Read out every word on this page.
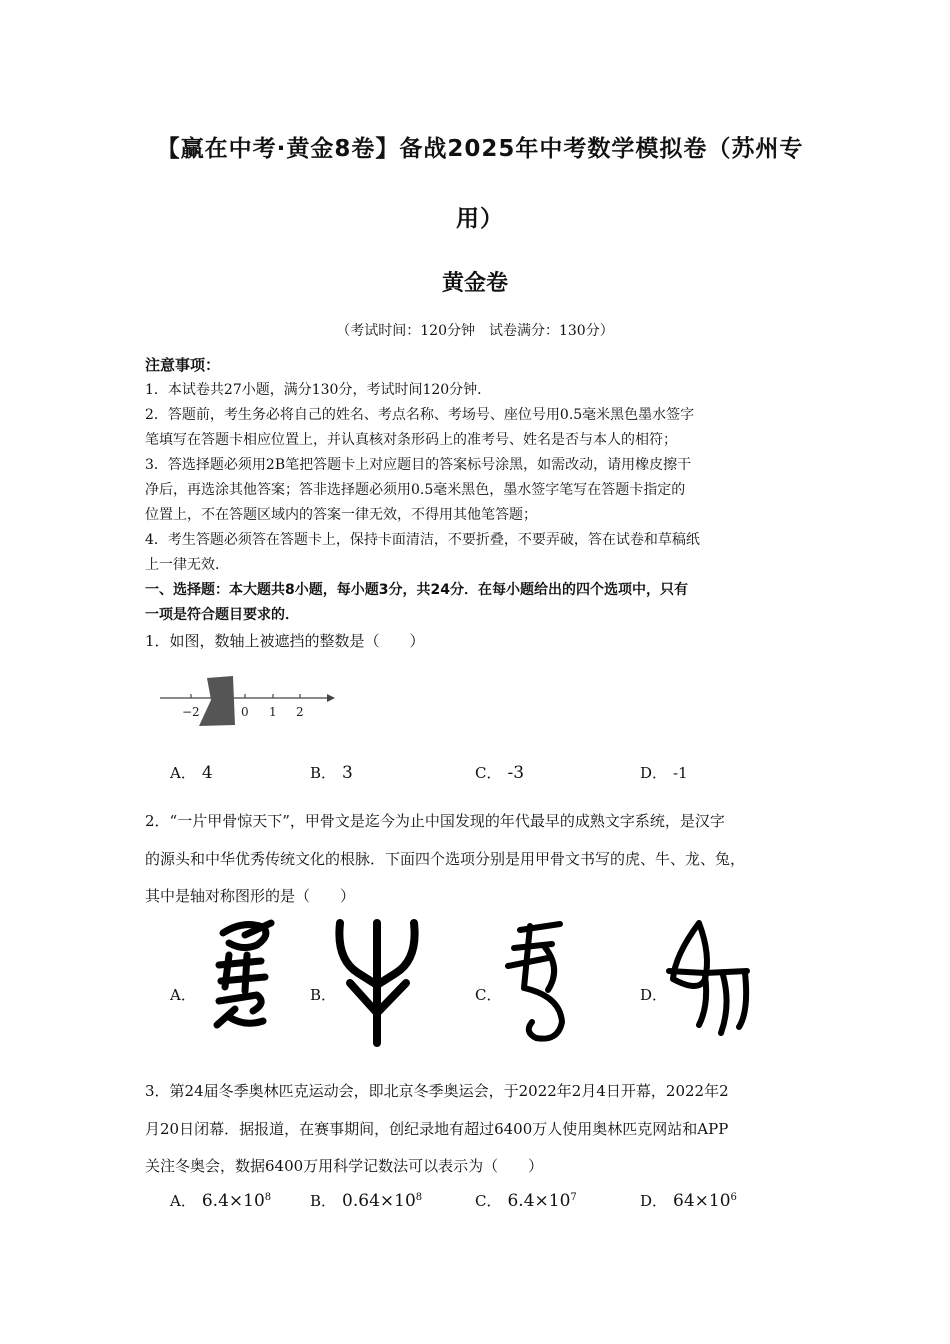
【赢在中考·黄金8卷】备战2025年中考数学模拟卷（苏州专
用）
黄金卷
（考试时间：120分钟　试卷满分：130分）
注意事项：
1．本试卷共27小题，满分130分，考试时间120分钟．
2．答题前，考生务必将自己的姓名、考点名称、考场号、座位号用0.5毫米黑色墨水签字
笔填写在答题卡相应位置上，并认真核对条形码上的准考号、姓名是否与本人的相符；
3．答选择题必须用2B笔把答题卡上对应题目的答案标号涂黑，如需改动，请用橡皮擦干
净后，再选涂其他答案；答非选择题必须用0.5毫米黑色，墨水签字笔写在答题卡指定的
位置上，不在答题区域内的答案一律无效，不得用其他笔答题；
4．考生答题必须答在答题卡上，保持卡面清洁，不要折叠，不要弄破，答在试卷和草稿纸
上一律无效．
一、选择题：本大题共8小题，每小题3分，共24分．在每小题给出的四个选项中，只有
一项是符合题目要求的．
1．如图，数轴上被遮挡的整数是（　　）
−2	0 1 2
A． 4	B． 3	C． -3	D． -1
2．“一片甲骨惊天下”，甲骨文是迄今为止中国发现的年代最早的成熟文字系统，是汉字
的源头和中华优秀传统文化的根脉．下面四个选项分别是用甲骨文书写的虎、牛、龙、兔，
其中是轴对称图形的是（　　）
A．	B．	C．	D．
3．第24届冬季奥林匹克运动会，即北京冬季奥运会，于2022年2月4日开幕，2022年2
月20日闭幕．据报道，在赛事期间，创纪录地有超过6400万人使用奥林匹克网站和APP
关注冬奥会，数据6400万用科学记数法可以表示为（　　）
A． $6.4\times 10^8$	B． $0.64\times 10^8$	C． $6.4\times 10^7$	D． $64\times 10^6$
